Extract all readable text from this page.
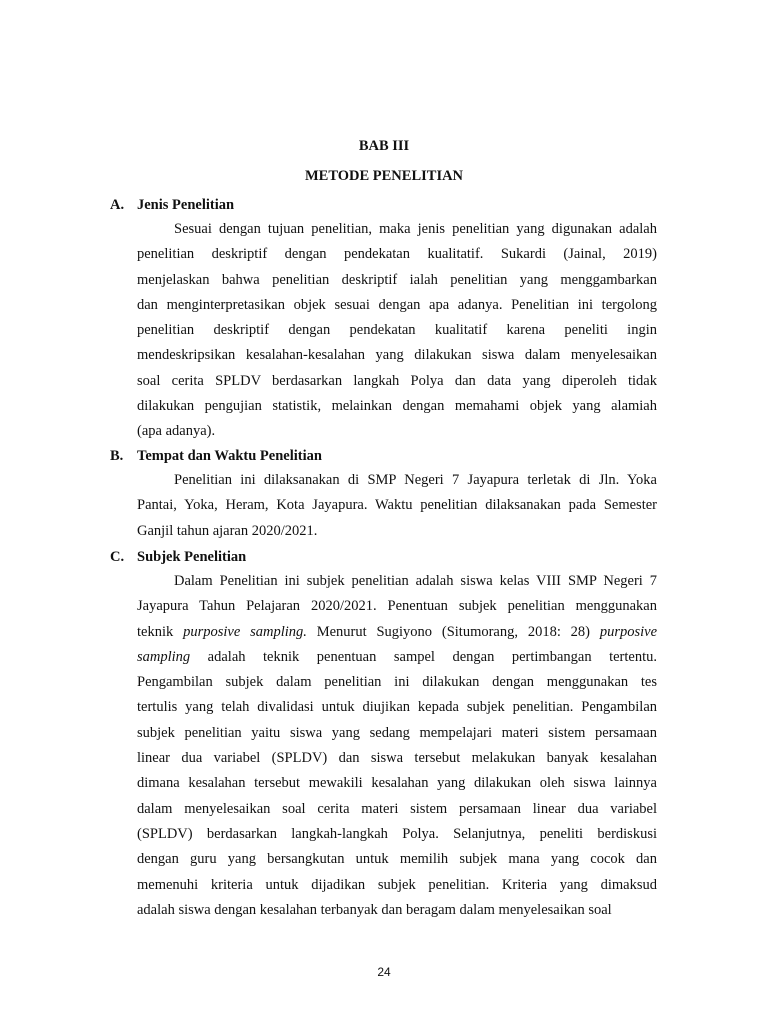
BAB III
METODE PENELITIAN
A. Jenis Penelitian
Sesuai dengan tujuan penelitian, maka jenis penelitian yang digunakan adalah
penelitian deskriptif dengan pendekatan kualitatif. Sukardi (Jainal, 2019)
menjelaskan bahwa penelitian deskriptif ialah penelitian yang menggambarkan
dan menginterpretasikan objek sesuai dengan apa adanya. Penelitian ini tergolong
penelitian deskriptif dengan pendekatan kualitatif karena peneliti ingin
mendeskripsikan kesalahan-kesalahan yang dilakukan siswa dalam menyelesaikan
soal cerita SPLDV berdasarkan langkah Polya dan data yang diperoleh tidak
dilakukan pengujian statistik, melainkan dengan memahami objek yang alamiah
(apa adanya).
B. Tempat dan Waktu Penelitian
Penelitian ini dilaksanakan di SMP Negeri 7 Jayapura terletak di Jln. Yoka
Pantai, Yoka, Heram, Kota Jayapura. Waktu penelitian dilaksanakan pada Semester
Ganjil tahun ajaran 2020/2021.
C. Subjek Penelitian
Dalam Penelitian ini subjek penelitian adalah siswa kelas VIII SMP Negeri 7
Jayapura Tahun Pelajaran 2020/2021. Penentuan subjek penelitian menggunakan
teknik purposive sampling. Menurut Sugiyono (Situmorang, 2018: 28) purposive
sampling adalah teknik penentuan sampel dengan pertimbangan tertentu.
Pengambilan subjek dalam penelitian ini dilakukan dengan menggunakan tes
tertulis yang telah divalidasi untuk diujikan kepada subjek penelitian. Pengambilan
subjek penelitian yaitu siswa yang sedang mempelajari materi sistem persamaan
linear dua variabel (SPLDV) dan siswa tersebut melakukan banyak kesalahan
dimana kesalahan tersebut mewakili kesalahan yang dilakukan oleh siswa lainnya
dalam menyelesaikan soal cerita materi sistem persamaan linear dua variabel
(SPLDV) berdasarkan langkah-langkah Polya. Selanjutnya, peneliti berdiskusi
dengan guru yang bersangkutan untuk memilih subjek mana yang cocok dan
memenuhi kriteria untuk dijadikan subjek penelitian. Kriteria yang dimaksud
adalah siswa dengan kesalahan terbanyak dan beragam dalam menyelesaikan soal
24
